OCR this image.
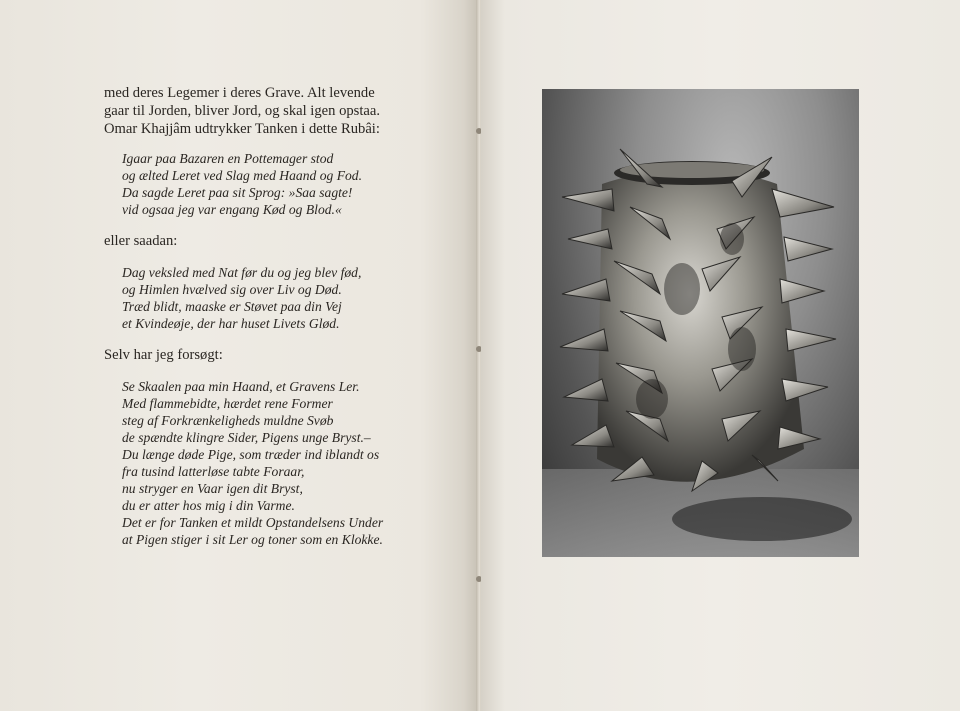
med deres Legemer i deres Grave. Alt levende
gaar til Jorden, bliver Jord, og skal igen opstaa.
Omar Khajjâm udtrykker Tanken i dette Rubâi:

Igaar paa Bazaren en Pottemager stod
og ælted Leret ved Slag med Haand og Fod.
Da sagde Leret paa sit Sprog: »Saa sagte!
vid ogsaa jeg var engang Kød og Blod.«

eller saadan:

Dag veksled med Nat før du og jeg blev fød,
og Himlen hvælved sig over Liv og Død.
Træd blidt, maaske er Støvet paa din Vej
et Kvindeøje, der har huset Livets Glød.

Selv har jeg forsøgt:

Se Skaalen paa min Haand, et Gravens Ler.
Med flammebidte, hærdet rene Former
steg af Forkrænkeligheds muldne Svøb
de spændte klingre Sider, Pigens unge Bryst.–
Du længe døde Pige, som træder ind iblandt os
fra tusind latterløse tabte Foraar,
nu stryger en Vaar igen dit Bryst,
du er atter hos mig i din Varme.
Det er for Tanken et mildt Opstandelsens Under
at Pigen stiger i sit Ler og toner som en Klokke.
